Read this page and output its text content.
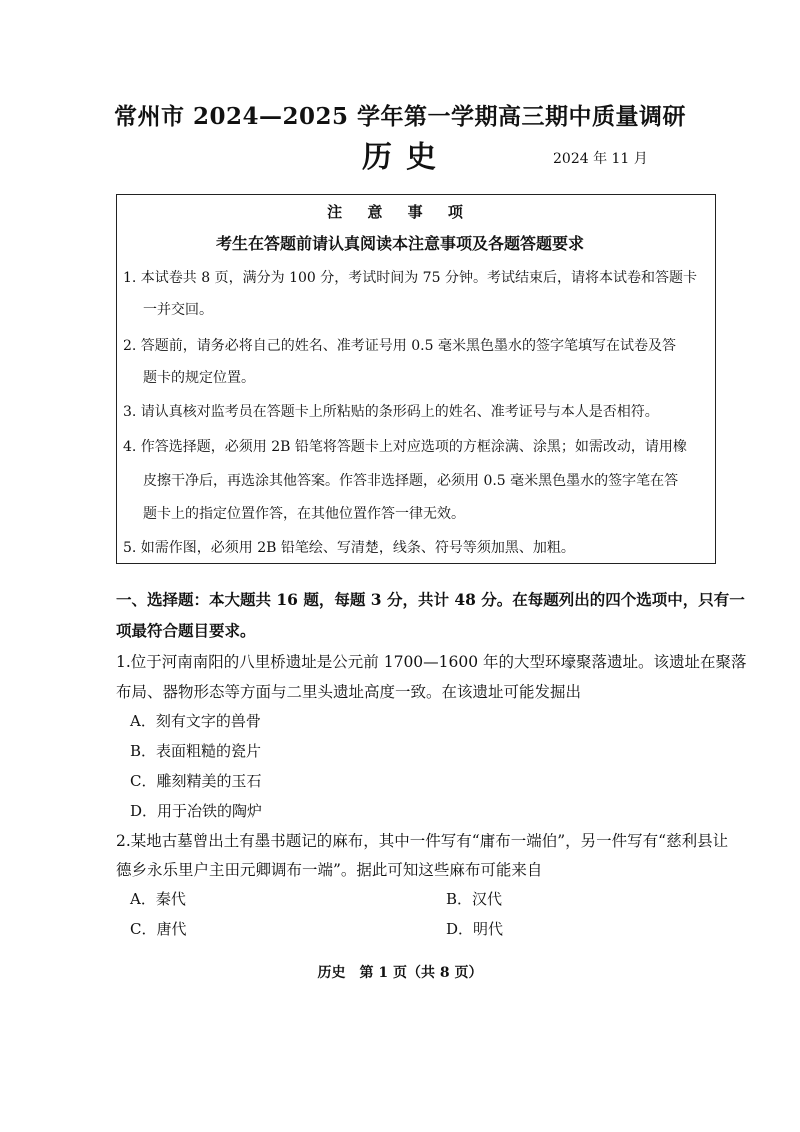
常州市 2024—2025 学年第一学期高三期中质量调研
历史	2024 年 11 月
注 意 事 项
考生在答题前请认真阅读本注意事项及各题答题要求
1. 本试卷共 8 页，满分为 100 分，考试时间为 75 分钟。考试结束后，请将本试卷和答题卡
一并交回。
2. 答题前，请务必将自己的姓名、准考证号用 0.5 毫米黑色墨水的签字笔填写在试卷及答
题卡的规定位置。
3. 请认真核对监考员在答题卡上所粘贴的条形码上的姓名、准考证号与本人是否相符。
4. 作答选择题，必须用 2B 铅笔将答题卡上对应选项的方框涂满、涂黑；如需改动，请用橡
皮擦干净后，再选涂其他答案。作答非选择题，必须用 0.5 毫米黑色墨水的签字笔在答
题卡上的指定位置作答，在其他位置作答一律无效。
5. 如需作图，必须用 2B 铅笔绘、写清楚，线条、符号等须加黑、加粗。
一、选择题：本大题共 16 题，每题 3 分，共计 48 分。在每题列出的四个选项中，只有一
项最符合题目要求。
1.位于河南南阳的八里桥遗址是公元前 1700—1600 年的大型环壕聚落遗址。该遗址在聚落
布局、器物形态等方面与二里头遗址高度一致。在该遗址可能发掘出
A．刻有文字的兽骨
B．表面粗糙的瓷片
C．雕刻精美的玉石
D．用于冶铁的陶炉
2.某地古墓曾出土有墨书题记的麻布，其中一件写有“庸布一端伯”，另一件写有“慈利县让
德乡永乐里户主田元卿调布一端”。据此可知这些麻布可能来自
A．秦代	B．汉代
C．唐代	D．明代
历史　第 1 页（共 8 页）
